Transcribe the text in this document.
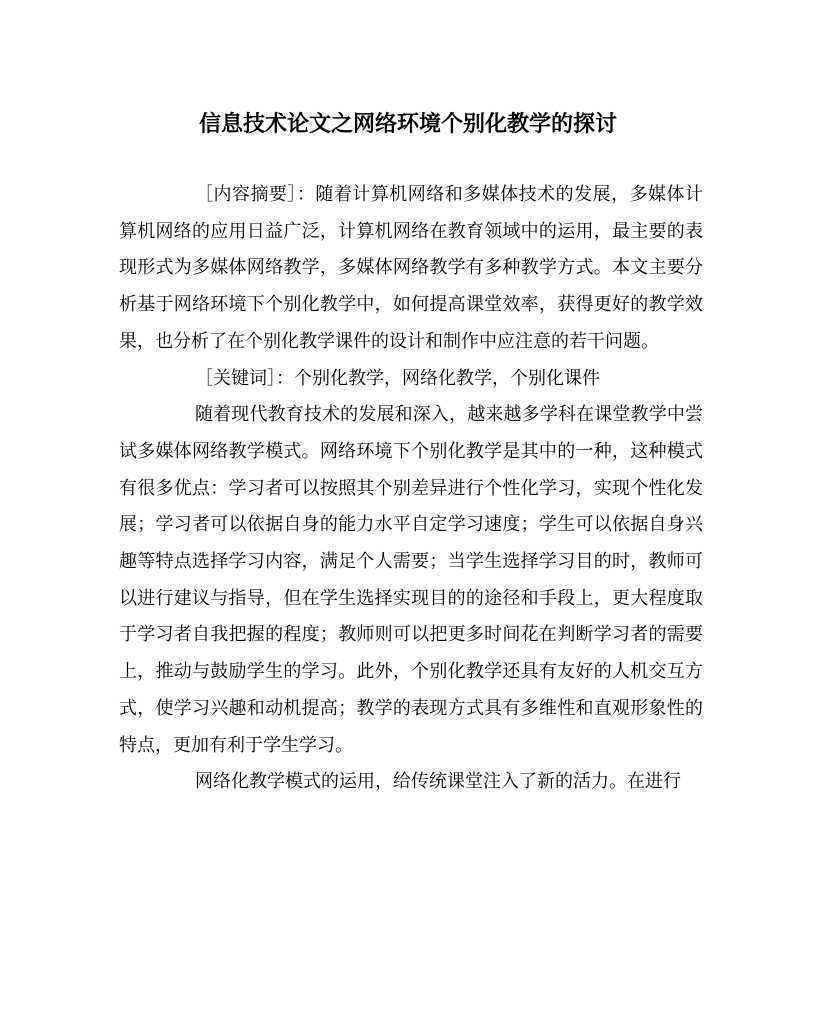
信息技术论文之网络环境个别化教学的探讨

［内容摘要］：随着计算机网络和多媒体技术的发展，多媒体计算机网络的应用日益广泛，计算机网络在教育领域中的运用，最主要的表现形式为多媒体网络教学，多媒体网络教学有多种教学方式。本文主要分析基于网络环境下个别化教学中，如何提高课堂效率，获得更好的教学效果，也分析了在个别化教学课件的设计和制作中应注意的若干问题。

［关键词］：个别化教学，网络化教学，个别化课件

随着现代教育技术的发展和深入，越来越多学科在课堂教学中尝试多媒体网络教学模式。网络环境下个别化教学是其中的一种，这种模式有很多优点：学习者可以按照其个别差异进行个性化学习，实现个性化发展；学习者可以依据自身的能力水平自定学习速度；学生可以依据自身兴趣等特点选择学习内容，满足个人需要；当学生选择学习目的时，教师可以进行建议与指导，但在学生选择实现目的的途径和手段上，更大程度取于学习者自我把握的程度；教师则可以把更多时间花在判断学习者的需要上，推动与鼓励学生的学习。此外，个别化教学还具有友好的人机交互方式，使学习兴趣和动机提高；教学的表现方式具有多维性和直观形象性的特点，更加有利于学生学习。

网络化教学模式的运用，给传统课堂注入了新的活力。在进行
